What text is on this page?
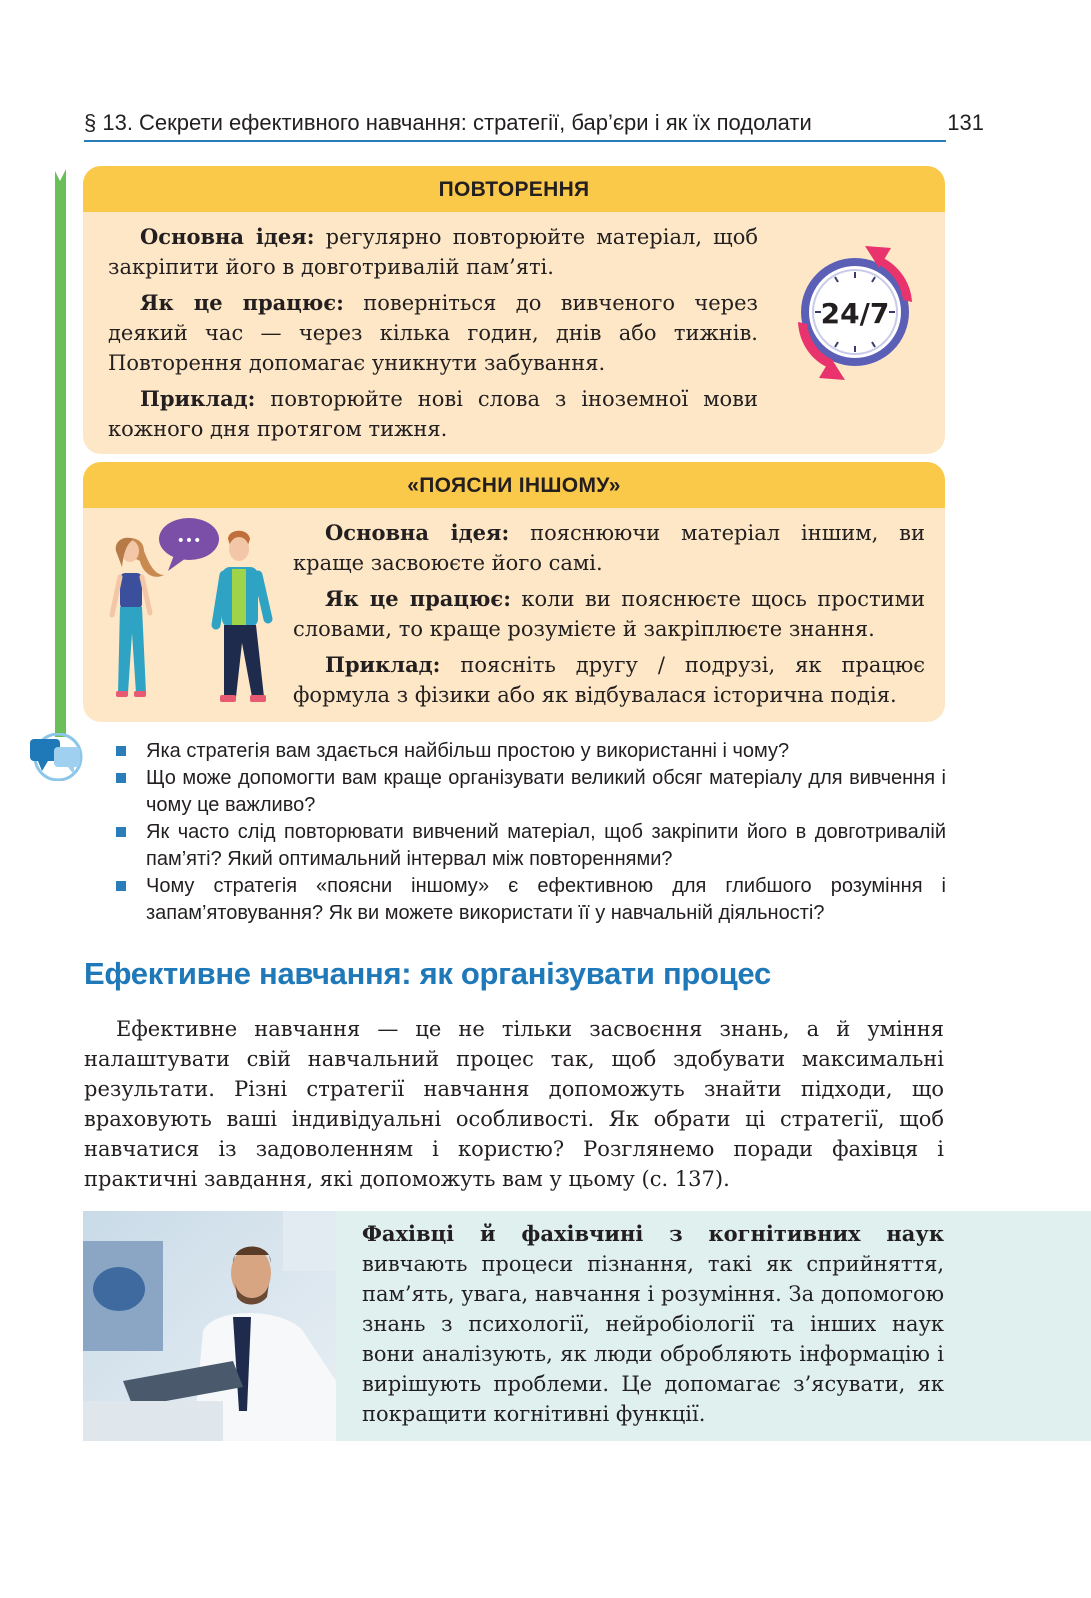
§ 13. Секрети ефективного навчання: стратегії, бар’єри і як їх подолати	131
ПОВТОРЕННЯ

Основна ідея: регулярно повторюйте матеріал, щоб закріпити його в довготривалій пам’яті.

Як це працює: поверніться до вивченого через деякий час — через кілька годин, днів або тижнів. Повторення допомагає уникнути забування.

Приклад: повторюйте нові слова з іноземної мови кожного дня протягом тижня.

24/7
«ПОЯСНИ ІНШОМУ»

Основна ідея: пояснюючи матеріал іншим, ви краще засвоюєте його самі.

Як це працює: коли ви пояснюєте щось простими словами, то краще розумієте й закріплюєте знання.

Приклад: поясніть другу / подрузі, як працює формула з фізики або як відбувалася історична подія.

•••
Яка стратегія вам здається найбільш простою у використанні і чому?
Що може допомогти вам краще організувати великий обсяг матеріалу для вивчення і чому це важливо?
Як часто слід повторювати вивчений матеріал, щоб закріпити його в довготривалій пам’яті? Який оптимальний інтервал між повтореннями?
Чому стратегія «поясни іншому» є ефективною для глибшого розуміння і запам’ятовування? Як ви можете використати її у навчальній діяльності?
Ефективне навчання: як організувати процес

Ефективне навчання — це не тільки засвоєння знань, а й уміння налаштувати свій навчальний процес так, щоб здобувати максимальні результати. Різні стратегії навчання допоможуть знайти підходи, що враховують ваші індивідуальні особливості. Як обрати ці стратегії, щоб навчатися із задоволенням і користю? Розглянемо поради фахівця і практичні завдання, які допоможуть вам у цьому (с. 137).

Фахівці й фахівчині з когнітивних наук вивчають процеси пізнання, такі як сприйняття, пам’ять, увага, навчання і розуміння. За допомогою знань з психології, нейробіології та інших наук вони аналізують, як люди обробляють інформацію і вирішують проблеми. Це допомагає з’ясувати, як покращити когнітивні функції.
